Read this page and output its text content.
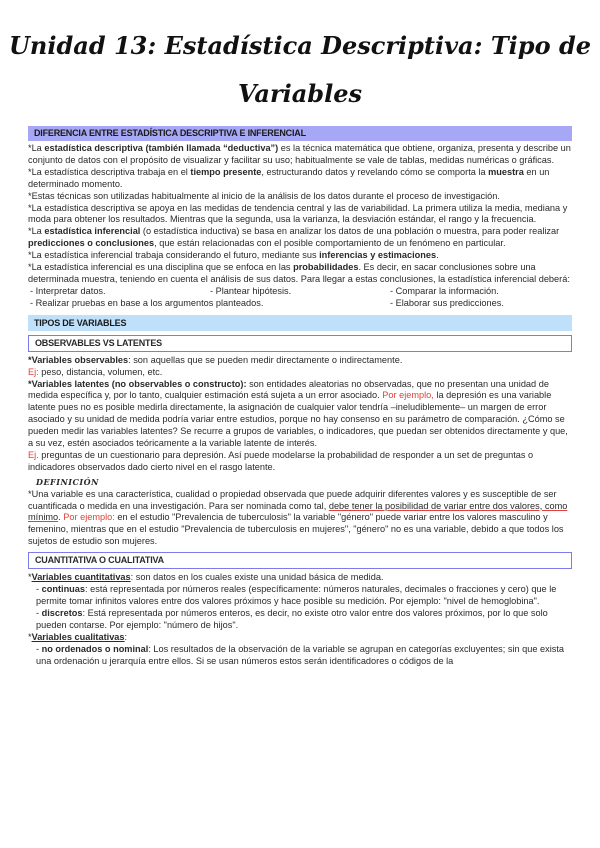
Unidad 13: Estadística Descriptiva: Tipo de
Variables
DIFERENCIA ENTRE ESTADÍSTICA DESCRIPTIVA E INFERENCIAL

*La estadística descriptiva (también llamada “deductiva”) es la técnica matemática que obtiene, organiza, presenta y describe un conjunto de datos con el propósito de visualizar y facilitar su uso; habitualmente se vale de tablas, medidas numéricas o gráficas.

*La estadística descriptiva trabaja en el tiempo presente, estructurando datos y revelando cómo se comporta la muestra en un determinado momento.

*Estas técnicas son utilizadas habitualmente al inicio de la análisis de los datos durante el proceso de investigación.

*La estadística descriptiva se apoya en las medidas de tendencia central y las de variabilidad. La primera utiliza la media, mediana y moda para obtener los resultados. Mientras que la segunda, usa la varianza, la desviación estándar, el rango y la frecuencia.

*La estadística inferencial (o estadística inductiva) se basa en analizar los datos de una población o muestra, para poder realizar predicciones o conclusiones, que están relacionadas con el posible comportamiento de un fenómeno en particular.

*La estadística inferencial trabaja considerando el futuro, mediante sus inferencias y estimaciones.

*La estadística inferencial es una disciplina que se enfoca en las probabilidades. Es decir, en sacar conclusiones sobre una determinada muestra, teniendo en cuenta el análisis de sus datos. Para llegar a estas conclusiones, la estadística inferencial deberá:

- Interpretar datos.	- Plantear hipótesis.	- Comparar la información.
- Realizar pruebas en base a los argumentos planteados.	- Elaborar sus predicciones.
TIPOS DE VARIABLES
OBSERVABLES VS LATENTES

*Variables observables: son aquellas que se pueden medir directamente o indirectamente.

Ej: peso, distancia, volumen, etc.

*Variables latentes (no observables o constructo): son entidades aleatorias no observadas, que no presentan una unidad de medida específica y, por lo tanto, cualquier estimación está sujeta a un error asociado. Por ejemplo, la depresión es una variable latente pues no es posible medirla directamente, la asignación de cualquier valor tendría –ineludiblemente– un margen de error asociado y su unidad de medida podría variar entre estudios, porque no hay consenso en su parámetro de comparación. ¿Cómo se pueden medir las variables latentes? Se recurre a grupos de variables, o indicadores, que puedan ser obtenidos directamente y que, a su vez, estén asociados teóricamente a la variable latente de interés.

Ej. preguntas de un cuestionario para depresión. Así puede modelarse la probabilidad de responder a un set de preguntas o indicadores observados dado cierto nivel en el rasgo latente.

DEFINICIÓN

*Una variable es una característica, cualidad o propiedad observada que puede adquirir diferentes valores y es susceptible de ser cuantificada o medida en una investigación. Para ser nominada como tal, debe tener la posibilidad de variar entre dos valores, como mínimo. Por ejemplo: en el estudio "Prevalencia de tuberculosis" la variable "género" puede variar entre los valores masculino y femenino, mientras que en el estudio "Prevalencia de tuberculosis en mujeres", "género" no es una variable, debido a que todos los sujetos de estudio son mujeres.

CUANTITATIVA O CUALITATIVA

*Variables cuantitativas: son datos en los cuales existe una unidad básica de medida.

- continuas: está representada por números reales (específicamente: números naturales, decimales o fracciones y cero) que le permite tomar infinitos valores entre dos valores próximos y hace posible su medición. Por ejemplo: "nivel de hemoglobina".

- discretos: Está representada por números enteros, es decir, no existe otro valor entre dos valores próximos, por lo que solo pueden contarse. Por ejemplo: "número de hijos".

*Variables cualitativas:

- no ordenados o nominal: Los resultados de la observación de la variable se agrupan en categorías excluyentes; sin que exista una ordenación u jerarquía entre ellos. Si se usan números estos serán identificadores o códigos de la
